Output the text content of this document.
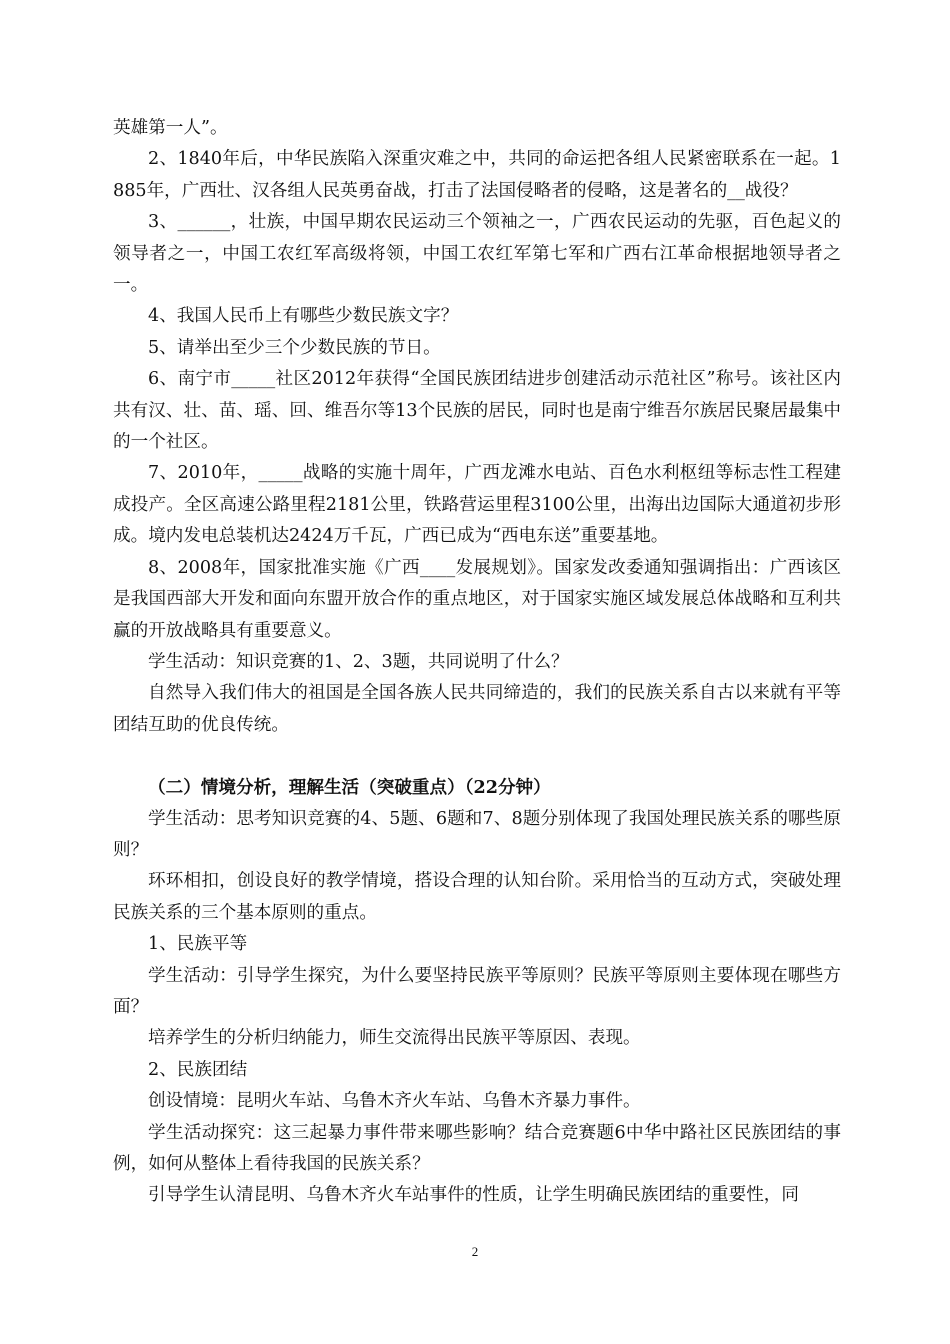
英雄第一人”。

2、1840年后，中华民族陷入深重灾难之中，共同的命运把各组人民紧密联系在一起。1885年，广西壮、汉各组人民英勇奋战，打击了法国侵略者的侵略，这是著名的__战役？

3、______，壮族，中国早期农民运动三个领袖之一，广西农民运动的先驱，百色起义的领导者之一，中国工农红军高级将领，中国工农红军第七军和广西右江革命根据地领导者之一。

4、我国人民币上有哪些少数民族文字？

5、请举出至少三个少数民族的节日。

6、南宁市_____社区2012年获得“全国民族团结进步创建活动示范社区”称号。该社区内共有汉、壮、苗、瑶、回、维吾尔等13个民族的居民，同时也是南宁维吾尔族居民聚居最集中的一个社区。

7、2010年，_____战略的实施十周年，广西龙滩水电站、百色水利枢纽等标志性工程建成投产。全区高速公路里程2181公里，铁路营运里程3100公里，出海出边国际大通道初步形成。境内发电总装机达2424万千瓦，广西已成为“西电东送”重要基地。

8、2008年，国家批准实施《广西____发展规划》。国家发改委通知强调指出：广西该区是我国西部大开发和面向东盟开放合作的重点地区，对于国家实施区域发展总体战略和互利共赢的开放战略具有重要意义。

学生活动：知识竞赛的1、2、3题，共同说明了什么？

自然导入我们伟大的祖国是全国各族人民共同缔造的，我们的民族关系自古以来就有平等团结互助的优良传统。

（二）情境分析，理解生活（突破重点）（22分钟）

学生活动：思考知识竞赛的4、5题、6题和7、8题分别体现了我国处理民族关系的哪些原则？

环环相扣，创设良好的教学情境，搭设合理的认知台阶。采用恰当的互动方式，突破处理民族关系的三个基本原则的重点。

1、民族平等

学生活动：引导学生探究，为什么要坚持民族平等原则？民族平等原则主要体现在哪些方面？

培养学生的分析归纳能力，师生交流得出民族平等原因、表现。

2、民族团结

创设情境：昆明火车站、乌鲁木齐火车站、乌鲁木齐暴力事件。

学生活动探究：这三起暴力事件带来哪些影响？结合竞赛题6中华中路社区民族团结的事例，如何从整体上看待我国的民族关系？

引导学生认清昆明、乌鲁木齐火车站事件的性质，让学生明确民族团结的重要性，同

2
